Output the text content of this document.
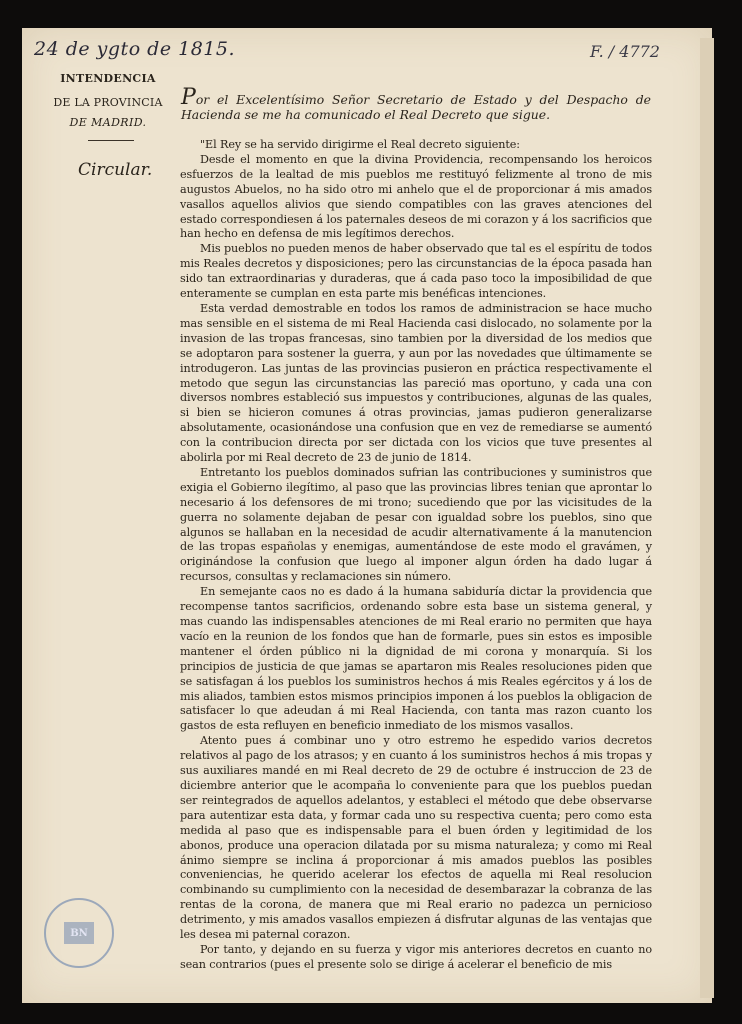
24 de ygto de 1815.	F. / 4772
INTENDENCIA
DE LA PROVINCIA
DE MADRID.
Circular.
Por el Excelentísimo Señor Secretario de Estado y del Despacho de Hacienda se me ha comunicado el Real Decreto que sigue.

"El Rey se ha servido dirigirme el Real decreto siguiente:

Desde el momento en que la divina Providencia, recompensando los heroicos esfuerzos de la lealtad de mis pueblos me restituyó felizmente al trono de mis augustos Abuelos, no ha sido otro mi anhelo que el de proporcionar á mis amados vasallos aquellos alivios que siendo compatibles con las graves atenciones del estado correspondiesen á los paternales deseos de mi corazon y á los sacrificios que han hecho en defensa de mis legítimos derechos.

Mis pueblos no pueden menos de haber observado que tal es el espíritu de todos mis Reales decretos y disposiciones; pero las circunstancias de la época pasada han sido tan extraordinarias y duraderas, que á cada paso toco la imposibilidad de que enteramente se cumplan en esta parte mis benéficas intenciones.

Esta verdad demostrable en todos los ramos de administracion se hace mucho mas sensible en el sistema de mi Real Hacienda casi dislocado, no solamente por la invasion de las tropas francesas, sino tambien por la diversidad de los medios que se adoptaron para sostener la guerra, y aun por las novedades que últimamente se introdugeron. Las juntas de las provincias pusieron en práctica respectivamente el metodo que segun las circunstancias las pareció mas oportuno, y cada una con diversos nombres estableció sus impuestos y contribuciones, algunas de las quales, si bien se hicieron comunes á otras provincias, jamas pudieron generalizarse absolutamente, ocasionándose una confusion que en vez de remediarse se aumentó con la contribucion directa por ser dictada con los vicios que tuve presentes al abolirla por mi Real decreto de 23 de junio de 1814.

Entretanto los pueblos dominados sufrian las contribuciones y suministros que exigia el Gobierno ilegítimo, al paso que las provincias libres tenian que aprontar lo necesario á los defensores de mi trono; sucediendo que por las vicisitudes de la guerra no solamente dejaban de pesar con igualdad sobre los pueblos, sino que algunos se hallaban en la necesidad de acudir alternativamente á la manutencion de las tropas españolas y enemigas, aumentándose de este modo el gravámen, y originándose la confusion que luego al imponer algun órden ha dado lugar á recursos, consultas y reclamaciones sin número.

En semejante caos no es dado á la humana sabiduría dictar la providencia que recompense tantos sacrificios, ordenando sobre esta base un sistema general, y mas cuando las indispensables atenciones de mi Real erario no permiten que haya vacío en la reunion de los fondos que han de formarle, pues sin estos es imposible mantener el órden público ni la dignidad de mi corona y monarquía. Si los principios de justicia de que jamas se apartaron mis Reales resoluciones piden que se satisfagan á los pueblos los suministros hechos á mis Reales egércitos y á los de mis aliados, tambien estos mismos principios imponen á los pueblos la obligacion de satisfacer lo que adeudan á mi Real Hacienda, con tanta mas razon cuanto los gastos de esta refluyen en beneficio inmediato de los mismos vasallos.

Atento pues á combinar uno y otro estremo he espedido varios decretos relativos al pago de los atrasos; y en cuanto á los suministros hechos á mis tropas y sus auxiliares mandé en mi Real decreto de 29 de octubre é instruccion de 23 de diciembre anterior que le acompaña lo conveniente para que los pueblos puedan ser reintegrados de aquellos adelantos, y estableci el método que debe observarse para autentizar esta data, y formar cada uno su respectiva cuenta; pero como esta medida al paso que es indispensable para el buen órden y legitimidad de los abonos, produce una operacion dilatada por su misma naturaleza; y como mi Real ánimo siempre se inclina á proporcionar á mis amados pueblos las posibles conveniencias, he querido acelerar los efectos de aquella mi Real resolucion combinando su cumplimiento con la necesidad de desembarazar la cobranza de las rentas de la corona, de manera que mi Real erario no padezca un pernicioso detrimento, y mis amados vasallos empiezen á disfrutar algunas de las ventajas que les desea mi paternal corazon.

Por tanto, y dejando en su fuerza y vigor mis anteriores decretos en cuanto no sean contrarios (pues el presente solo se dirige á acelerar el beneficio de mis

BN
